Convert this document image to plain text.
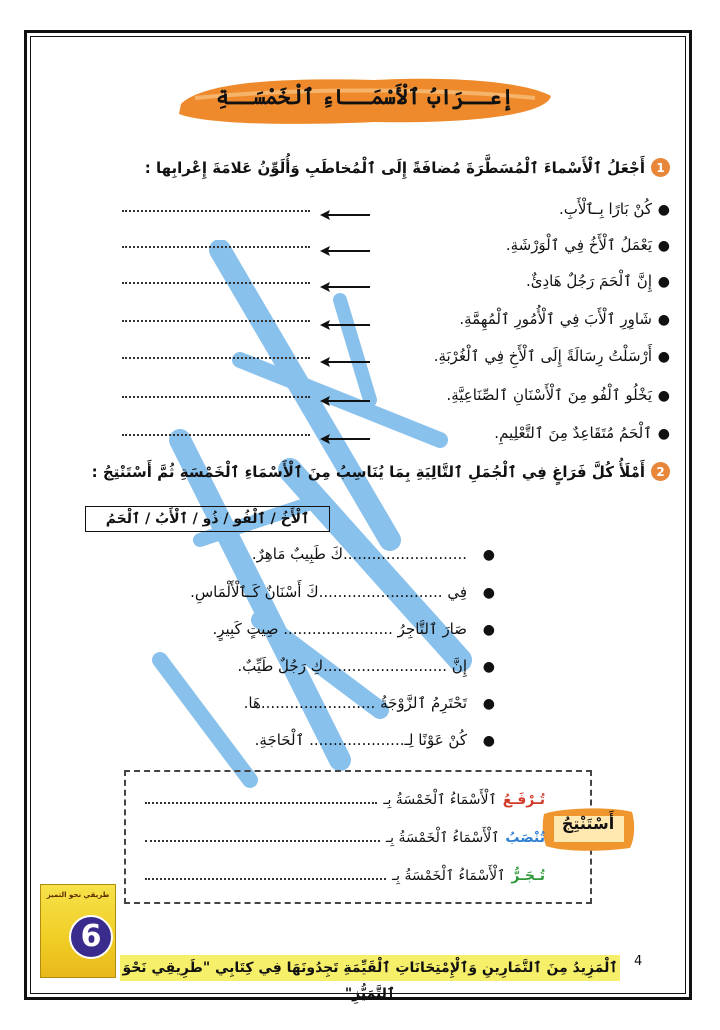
إعــرَابُ ٱلْأَسْمَــاءِ ٱلْخَمْسَــةِ
1
أَجْعَلُ ٱلْأَسْماءَ ٱلْمُسَطَّرَةَ مُضافَةً إِلَى ٱلْمُخاطَبِ وَأُلَوِّنُ عَلامَةَ إِعْرابِها :
●
كُنْ بَارًا بِـٱلْأَبِ.
●
يَعْمَلُ ٱلْأَخُ فِي ٱلْوَرْشَةِ.
●
إِنَّ ٱلْحَمَ رَجُلٌ هَادِئٌ.
●
شَاوِرِ ٱلْأَبَ فِي ٱلْأُمُورِ ٱلْمُهِمَّةِ.
●
أَرْسَلْتُ رِسَالَةً إِلَى ٱلْأَخِ فِي ٱلْغُرْبَةِ.
●
يَخْلُو ٱلْفُو مِنَ ٱلْأَسْنَانِ ٱلصِّنَاعِيَّةِ.
●
ٱلْحَمُ مُتَقَاعِدٌ مِنَ ٱلتَّعْلِيمِ.
2
أَمْلَأُ كُلَّ فَرَاغٍ فِي ٱلْجُمَلِ ٱلتَّالِيَةِ بِمَا يُنَاسِبُ مِنَ ٱلْأَسْمَاءِ ٱلْخَمْسَةِ ثُمَّ أَسْتَنْتِجُ :
ٱلْأَخُ / ٱلْفُو / ذُو / ٱلْأَبُ / ٱلْحَمُ
●
..........................كَ طَبِيبٌ مَاهِرٌ.
●
فِي ..........................كَ أَسْنَانٌ كَـٱلْأَلْمَاسِ.
●
صَارَ ٱلتَّاجِرُ ....................... صِيتٍ كَبِيرٍ.
●
إِنَّ ..........................كِ رَجُلٌ طَيِّبٌ.
●
تَحْتَرِمُ ٱلزَّوْجَةُ ........................هَا.
●
كُنْ عَوْنًا لِـ.................... ٱلْحَاجَةِ.
أَسْتَنْتِجُ
تُـرْفَـعُ
ٱلْأَسْمَاءُ ٱلْخَمْسَةُ بِـ
تُنْصَبُ
ٱلْأَسْمَاءُ ٱلْخَمْسَةُ بِـ
تُـجَـرُّ
ٱلْأَسْمَاءُ ٱلْخَمْسَةُ بِـ
طريقي نحو التميز
6
ٱلْمَزِيدُ مِنَ ٱلتَّمَارِينِ وَٱلْإِمْتِحَانَاتِ ٱلْقَيِّمَةِ تَجِدُونَهَا فِي كِتَابِي "طَرِيقِي نَحْوَ ٱلتَّمَيُّزِ"
4
